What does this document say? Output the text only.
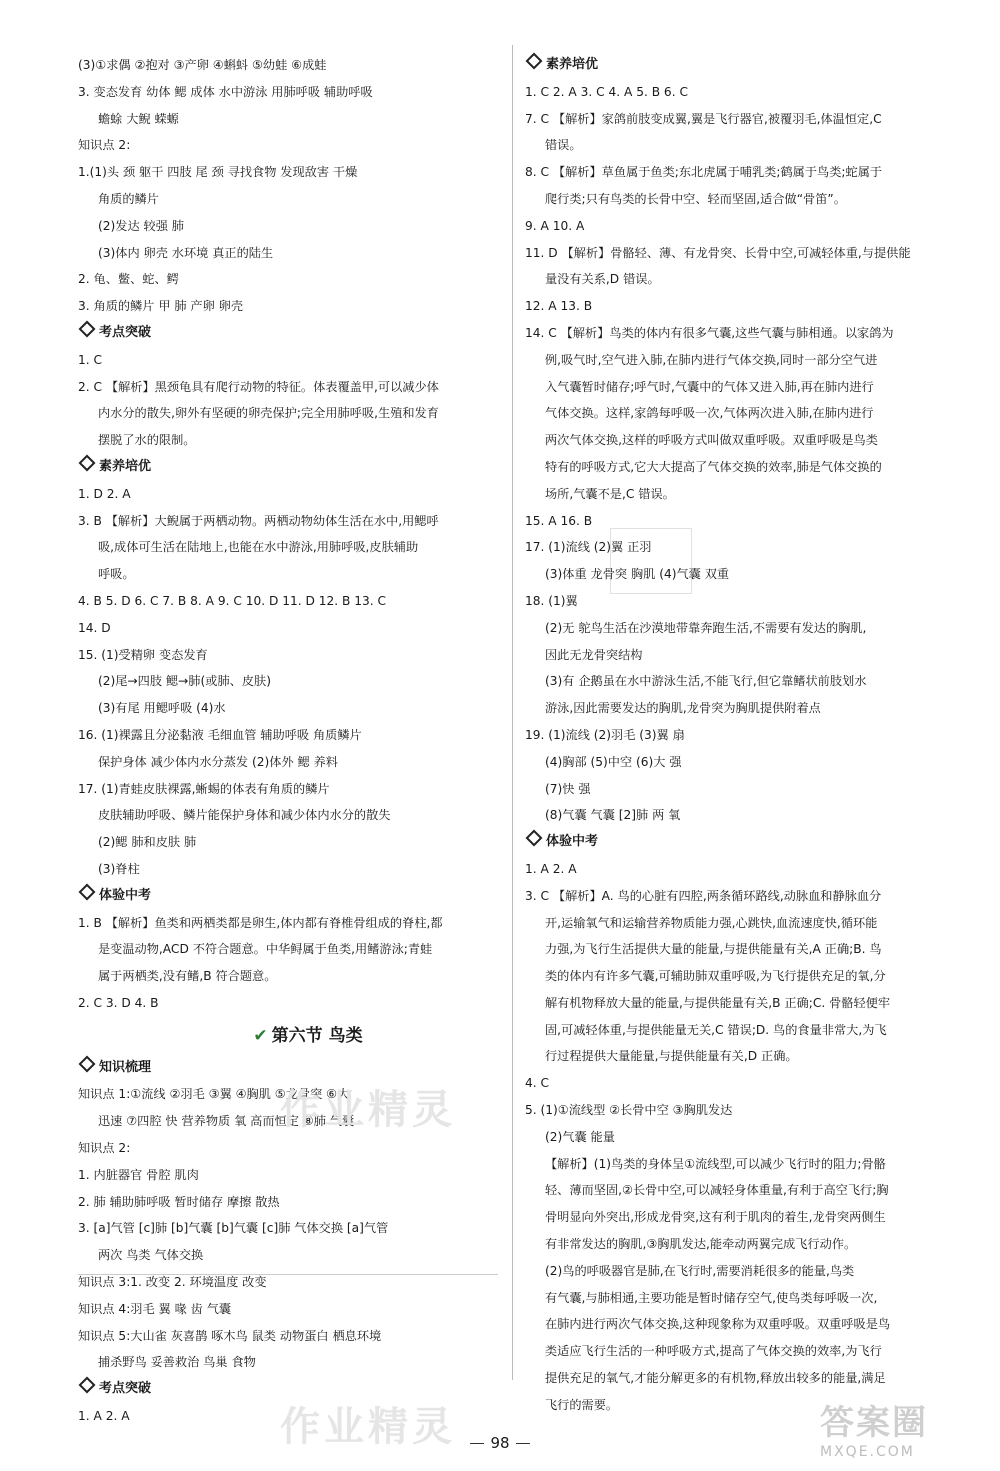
(3)①求偶 ②抱对 ③产卵 ④蝌蚪 ⑤幼蛙 ⑥成蛙
3. 变态发育 幼体 鳃 成体 水中游泳 用肺呼吸 辅助呼吸
蟾蜍 大鲵 蝾螈
知识点 2:
1.(1)头 颈 躯干 四肢 尾 颈 寻找食物 发现敌害 干燥
角质的鳞片
(2)发达 较强 肺
(3)体内 卵壳 水环境 真正的陆生
2. 龟、鳖、蛇、鳄
3. 角质的鳞片 甲 肺 产卵 卵壳
考点突破
1. C
2. C 【解析】黑颈龟具有爬行动物的特征。体表覆盖甲,可以减少体
内水分的散失,卵外有坚硬的卵壳保护;完全用肺呼吸,生殖和发育
摆脱了水的限制。
素养培优
1. D 2. A
3. B 【解析】大鲵属于两栖动物。两栖动物幼体生活在水中,用鳃呼
吸,成体可生活在陆地上,也能在水中游泳,用肺呼吸,皮肤辅助
呼吸。
4. B 5. D 6. C 7. B 8. A 9. C 10. D 11. D 12. B 13. C
14. D
15. (1)受精卵 变态发育
(2)尾→四肢 鳃→肺(或肺、皮肤)
(3)有尾 用鳃呼吸 (4)水
16. (1)裸露且分泌黏液 毛细血管 辅助呼吸 角质鳞片
保护身体 减少体内水分蒸发 (2)体外 鳃 养料
17. (1)青蛙皮肤裸露,蜥蜴的体表有角质的鳞片
皮肤辅助呼吸、鳞片能保护身体和减少体内水分的散失
(2)鳃 肺和皮肤 肺
(3)脊柱
体验中考
1. B 【解析】鱼类和两栖类都是卵生,体内都有脊椎骨组成的脊柱,都
是变温动物,ACD 不符合题意。中华鲟属于鱼类,用鳍游泳;青蛙
属于两栖类,没有鳍,B 符合题意。
2. C 3. D 4. B
✔ 第六节 鸟类
知识梳理
知识点 1:①流线 ②羽毛 ③翼 ④胸肌 ⑤龙骨突 ⑥大
迅速 ⑦四腔 快 营养物质 氧 高而恒定 ⑧肺 气囊
知识点 2:
1. 内脏器官 骨腔 肌肉
2. 肺 辅助肺呼吸 暂时储存 摩擦 散热
3. [a]气管 [c]肺 [b]气囊 [b]气囊 [c]肺 气体交换 [a]气管
两次 鸟类 气体交换
知识点 3:1. 改变 2. 环境温度 改变
知识点 4:羽毛 翼 喙 齿 气囊
知识点 5:大山雀 灰喜鹊 啄木鸟 鼠类 动物蛋白 栖息环境
捕杀野鸟 妥善救治 鸟巢 食物
考点突破
1. A 2. A
素养培优
1. C 2. A 3. C 4. A 5. B 6. C
7. C 【解析】家鸽前肢变成翼,翼是飞行器官,被覆羽毛,体温恒定,C
错误。
8. C 【解析】草鱼属于鱼类;东北虎属于哺乳类;鹤属于鸟类;蛇属于
爬行类;只有鸟类的长骨中空、轻而坚固,适合做“骨笛”。
9. A 10. A
11. D 【解析】骨骼轻、薄、有龙骨突、长骨中空,可减轻体重,与提供能
量没有关系,D 错误。
12. A 13. B
14. C 【解析】鸟类的体内有很多气囊,这些气囊与肺相通。以家鸽为
例,吸气时,空气进入肺,在肺内进行气体交换,同时一部分空气进
入气囊暂时储存;呼气时,气囊中的气体又进入肺,再在肺内进行
气体交换。这样,家鸽每呼吸一次,气体两次进入肺,在肺内进行
两次气体交换,这样的呼吸方式叫做双重呼吸。双重呼吸是鸟类
特有的呼吸方式,它大大提高了气体交换的效率,肺是气体交换的
场所,气囊不是,C 错误。
15. A 16. B
17. (1)流线 (2)翼 正羽
(3)体重 龙骨突 胸肌 (4)气囊 双重
18. (1)翼
(2)无 鸵鸟生活在沙漠地带靠奔跑生活,不需要有发达的胸肌,
因此无龙骨突结构
(3)有 企鹅虽在水中游泳生活,不能飞行,但它靠鳍状前肢划水
游泳,因此需要发达的胸肌,龙骨突为胸肌提供附着点
19. (1)流线 (2)羽毛 (3)翼 扇
(4)胸部 (5)中空 (6)大 强
(7)快 强
(8)气囊 气囊 [2]肺 两 氧
体验中考
1. A 2. A
3. C 【解析】A. 鸟的心脏有四腔,两条循环路线,动脉血和静脉血分
开,运输氧气和运输营养物质能力强,心跳快,血流速度快,循环能
力强,为飞行生活提供大量的能量,与提供能量有关,A 正确;B. 鸟
类的体内有许多气囊,可辅助肺双重呼吸,为飞行提供充足的氧,分
解有机物释放大量的能量,与提供能量有关,B 正确;C. 骨骼轻便牢
固,可减轻体重,与提供能量无关,C 错误;D. 鸟的食量非常大,为飞
行过程提供大量能量,与提供能量有关,D 正确。
4. C
5. (1)①流线型 ②长骨中空 ③胸肌发达
(2)气囊 能量
【解析】(1)鸟类的身体呈①流线型,可以减少飞行时的阻力;骨骼
轻、薄而坚固,②长骨中空,可以减轻身体重量,有利于高空飞行;胸
骨明显向外突出,形成龙骨突,这有利于肌肉的着生,龙骨突两侧生
有非常发达的胸肌,③胸肌发达,能牵动两翼完成飞行动作。
(2)鸟的呼吸器官是肺,在飞行时,需要消耗很多的能量,鸟类
有气囊,与肺相通,主要功能是暂时储存空气,使鸟类每呼吸一次,
在肺内进行两次气体交换,这种现象称为双重呼吸。双重呼吸是鸟
类适应飞行生活的一种呼吸方式,提高了气体交换的效率,为飞行
提供充足的氧气,才能分解更多的有机物,释放出较多的能量,满足
飞行的需要。
作业精灵
作业精灵	98	答案圈
MXQE.COM
